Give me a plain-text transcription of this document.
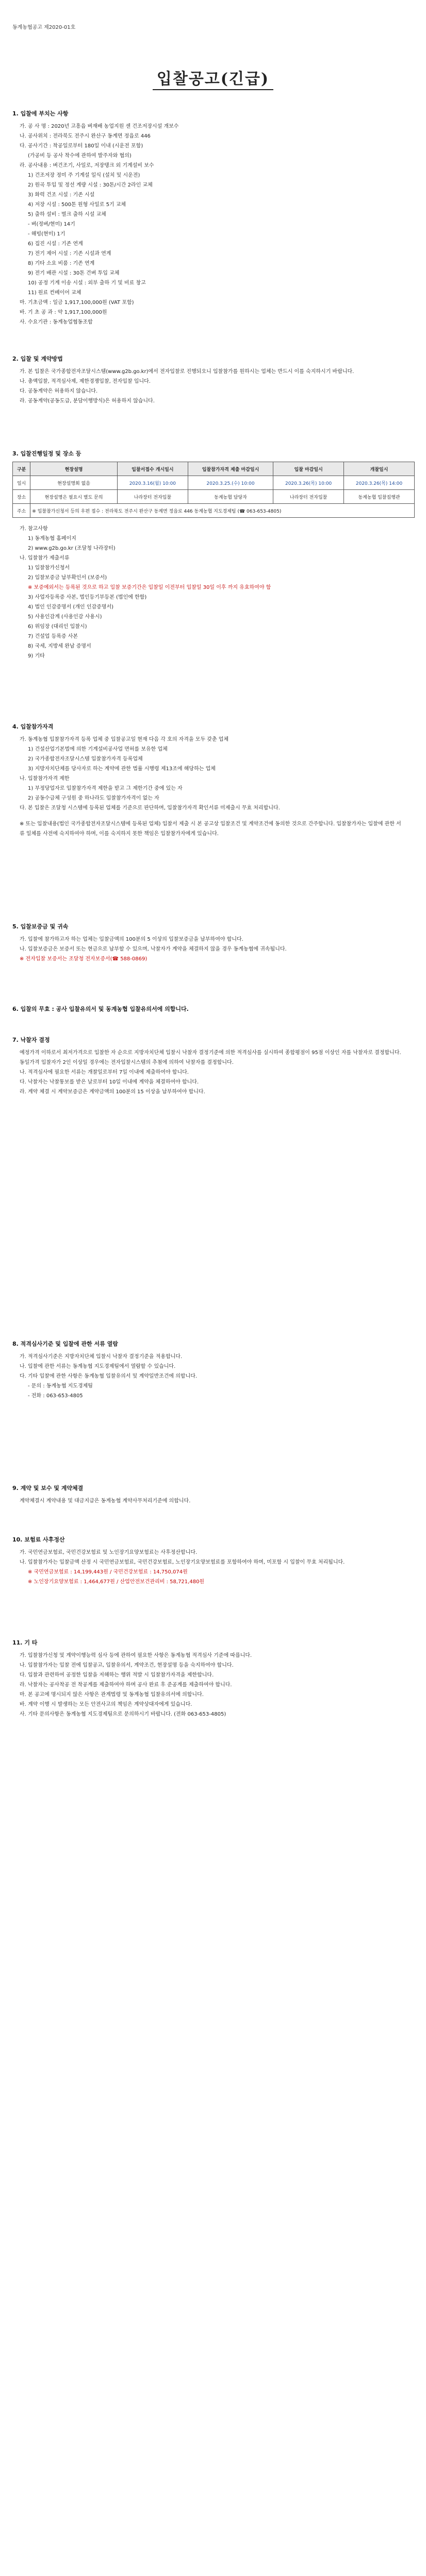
동계농협공고 제2020-01호
입찰공고(긴급)
1. 입찰에 부치는 사항
가. 공 사 명 : 2020년 고흥읍 벼재배 농업지원 센 건조저장시설 개보수
나. 공사위치 : 전라북도 전주시 완산구 동계면 정읍로 446
다. 공사기간 : 착공일로부터 180일 이내 (시운전 포함)
(가공비 등 공사 착수에 관하여 발주자와 협의)
라. 공사내용 : 벼건조기, 사일로, 저장탱크 외 기계설비 보수
1) 건조저장 정미 주 기계설 일식 (설치 및 시운전)
2) 원곡 투입 및 정선 계량 시설 : 30톤/시간 2라인 교체
3) 화력 건조 시설 : 기존 시설
4) 저장 시설 : 500톤 원형 사일로 5기 교체
5) 출하 설비 : 벌크 출하 시설 교체
- 벼(정벼/현미) 14기
- 해빙(현미) 1기
6) 집진 시설 : 기존 연계
7) 전기 제어 시설 : 기존 시설과 연계
8) 기타 소요 비품 : 기존 연계
9) 전기 배관 시설 : 30톤 건벼 투입 교체
10) 공정 기계 이송 시설 : 외부 출하 기 및 비료 창고
11) 원료 컨베이어 교체
마. 기초금액 : 일금 1,917,100,000원 (VAT 포함)
바. 기 초 공 과 : 약 1,917,100,000원
사. 수요기관 : 동계농업협동조합
2. 입찰 및 계약방법
가. 본 입찰은 국가종합전자조달시스템(www.g2b.go.kr)에서 전자입찰로 진행되오니 입찰참가를 원하시는 업체는 반드시 이를 숙지하시기 바랍니다.
나. 총액입찰, 적격심사제, 제한경쟁입찰, 전자입찰 입니다.
다. 공동계약은 허용하지 않습니다.
라. 공동계약(공동도급, 분담이행방식)은 허용하지 않습니다.
3. 입찰진행일정 및 장소 등
구분	현장설명	입찰서접수 개시일시	입찰참가자격 제출 마감일시	입찰 마감일시	개찰일시
일시	현장설명회 없음	2020.3.16(월) 10:00	2020.3.25.(수) 10:00	2020.3.26(목) 10:00	2020.3.26(목) 14:00
장소	현장설명은 필요시 별도 문의	나라장터 전자입찰	동계농협 담당자	나라장터 전자입찰	동계농협 입찰집행관
주소	※ 입찰참가신청서 등의 우편 접수 : 전라북도 전주시 완산구 동계면 정읍로 446 동계농협 지도경제팀 (☎ 063-653-4805)				
가. 참고사항
1) 동계농협 홈페이지
2) www.g2b.go.kr (조달청 나라장터)
나. 입찰참가 제출서류
1) 입찰참가신청서
2) 입찰보증금 납부확인서 (보증서)
※ 보증예외서는 등록된 것으로 하고 입찰 보증기간은 입찰일 이전부터 입찰일 30일 이후 까지 유효하여야 함
3) 사업자등록증 사본, 법인등기부등본 (법인에 한함)
4) 법인 인감증명서 (개인 인감증명서)
5) 사용인감계 (사용인감 사용시)
6) 위임장 (대리인 입찰시)
7) 건설업 등록증 사본
8) 국세, 지방세 완납 증명서
9) 기타
4. 입찰참가자격
가. 동계농협 입찰참가자격 등록 업체 중 입찰공고일 현재 다음 각 호의 자격을 모두 갖춘 업체
1) 건설산업기본법에 의한 기계설비공사업 면허를 보유한 업체
2) 국가종합전자조달시스템 입찰참가자격 등록업체
3) 지방자치단체를 당사자로 하는 계약에 관한 법률 시행령 제13조에 해당하는 업체
나. 입찰참가자격 제한
1) 부정당업자로 입찰참가자격 제한을 받고 그 제한기간 중에 있는 자
2) 공동수급체 구성원 중 하나라도 입찰참가자격이 없는 자
다. 본 입찰은 조달청 시스템에 등록된 업체를 기준으로 판단하며, 입찰참가자격 확인서류 미제출시 무효 처리합니다.
※ 또는 입찰내용(법인 국가종합전자조달시스템에 등록된 업체) 입찰서 제출 시 본 공고상 입찰조건 및 계약조건에 동의한 것으로 간주합니다. 입찰참가자는 입찰에 관한 서류 일체를 사전에 숙지하여야 하며, 이를 숙지하지 못한 책임은 입찰참가자에게 있습니다.
5. 입찰보증금 및 귀속
가. 입찰에 참가하고자 하는 업체는 입찰금액의 100분의 5 이상의 입찰보증금을 납부하여야 합니다.
나. 입찰보증금은 보증서 또는 현금으로 납부할 수 있으며, 낙찰자가 계약을 체결하지 않을 경우 동계농협에 귀속됩니다.
※ 전자입찰 보증서는 조달청 전자보증서(☎ 588-0869)
6. 입찰의 무효 : 공사 입찰유의서 및 동계농협 입찰유의서에 의합니다.
7. 낙찰자 결정
예정가격 이하로서 최저가격으로 입찰한 자 순으로 지방자치단체 입찰시 낙찰자 결정기준에 의한 적격심사를 실시하여 종합평점이 95점 이상인 자를 낙찰자로 결정합니다. 동일가격 입찰자가 2인 이상일 경우에는 전자입찰시스템의 추첨에 의하여 낙찰자를 결정합니다.
나. 적격심사에 필요한 서류는 개찰일로부터 7일 이내에 제출하여야 합니다.
다. 낙찰자는 낙찰통보를 받은 날로부터 10일 이내에 계약을 체결하여야 합니다.
라. 계약 체결 시 계약보증금은 계약금액의 100분의 15 이상을 납부하여야 합니다.
8. 적격심사기준 및 입찰에 관한 서류 열람
가. 적격심사기준은 지방자치단체 입찰시 낙찰자 결정기준을 적용합니다.
나. 입찰에 관한 서류는 동계농협 지도경제팀에서 열람할 수 있습니다.
다. 기타 입찰에 관한 사항은 동계농협 입찰유의서 및 계약일반조건에 의합니다.
- 문의 : 동계농협 지도경제팀
- 전화 : 063-653-4805
9. 계약 및 보수 및 계약체결
계약체결시 계약내용 및 대금지급은 동계농협 계약사무처리기준에 의합니다.
10. 보험료 사후정산
가. 국민연금보험료, 국민건강보험료 및 노인장기요양보험료는 사후정산합니다.
나. 입찰참가자는 입찰금액 산정 시 국민연금보험료, 국민건강보험료, 노인장기요양보험료를 포함하여야 하며, 미포함 시 입찰이 무효 처리됩니다.
※ 국민연금보험료 : 14,199,443원 / 국민건강보험료 : 14,750,074원
※ 노인장기요양보험료 : 1,464,677원 / 산업안전보건관리비 : 58,721,480원
11. 기 타
가. 입찰참가신청 및 계약이행능력 심사 등에 관하여 필요한 사항은 동계농협 적격심사 기준에 따릅니다.
나. 입찰참가자는 입찰 전에 입찰공고, 입찰유의서, 계약조건, 현장설명 등을 숙지하여야 합니다.
다. 입찰과 관련하여 공정한 입찰을 저해하는 행위 적발 시 입찰참가자격을 제한합니다.
라. 낙찰자는 공사착공 전 착공계를 제출하여야 하며 공사 완료 후 준공계를 제출하여야 합니다.
마. 본 공고에 명시되지 않은 사항은 관계법령 및 동계농협 입찰유의서에 의합니다.
바. 계약 이행 시 발생하는 모든 안전사고의 책임은 계약상대자에게 있습니다.
사. 기타 문의사항은 동계농협 지도경제팀으로 문의하시기 바랍니다. (전화 063-653-4805)
